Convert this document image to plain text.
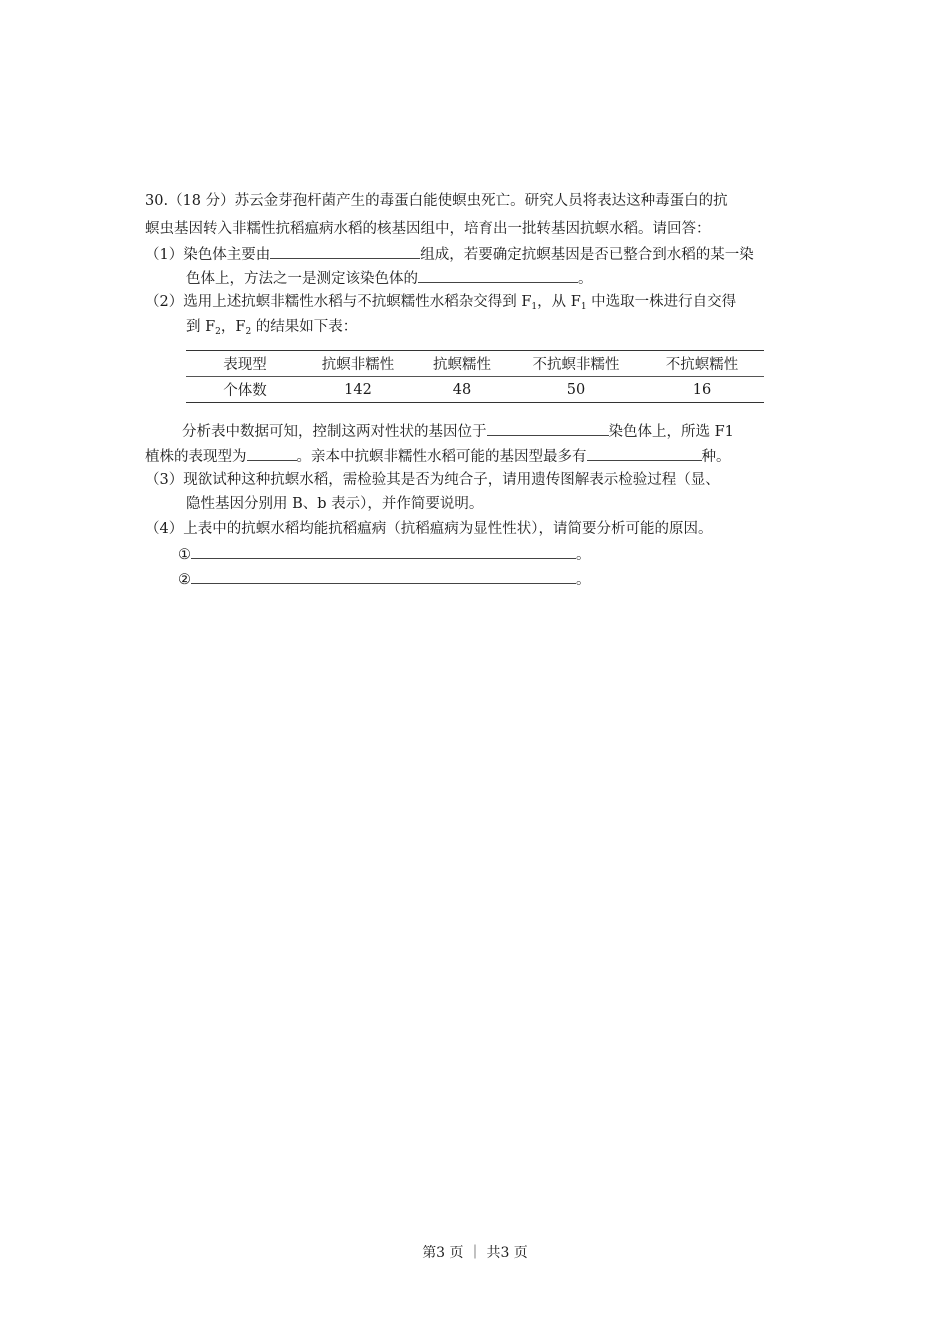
30.（18 分）苏云金芽孢杆菌产生的毒蛋白能使螟虫死亡。研究人员将表达这种毒蛋白的抗
螟虫基因转入非糯性抗稻瘟病水稻的核基因组中，培育出一批转基因抗螟水稻。请回答：
（1）染色体主要由	组成，若要确定抗螟基因是否已整合到水稻的某一染
色体上，方法之一是测定该染色体的	。
（2）选用上述抗螟非糯性水稻与不抗螟糯性水稻杂交得到 $F_1$，从 $F_1$ 中选取一株进行自交得
到 $F_2$，$F_2$ 的结果如下表：
表现型	抗螟非糯性	抗螟糯性	不抗螟非糯性	不抗螟糯性
个体数	142	48	50	16
分析表中数据可知，控制这两对性状的基因位于	染色体上，所选 F1
植株的表现型为	。亲本中抗螟非糯性水稻可能的基因型最多有	种。
（3）现欲试种这种抗螟水稻，需检验其是否为纯合子，请用遗传图解表示检验过程（显、
隐性基因分别用 B、b 表示），并作简要说明。
（4）上表中的抗螟水稻均能抗稻瘟病（抗稻瘟病为显性性状），请简要分析可能的原因。
①	。
②	。
第3 页 ｜ 共3 页
